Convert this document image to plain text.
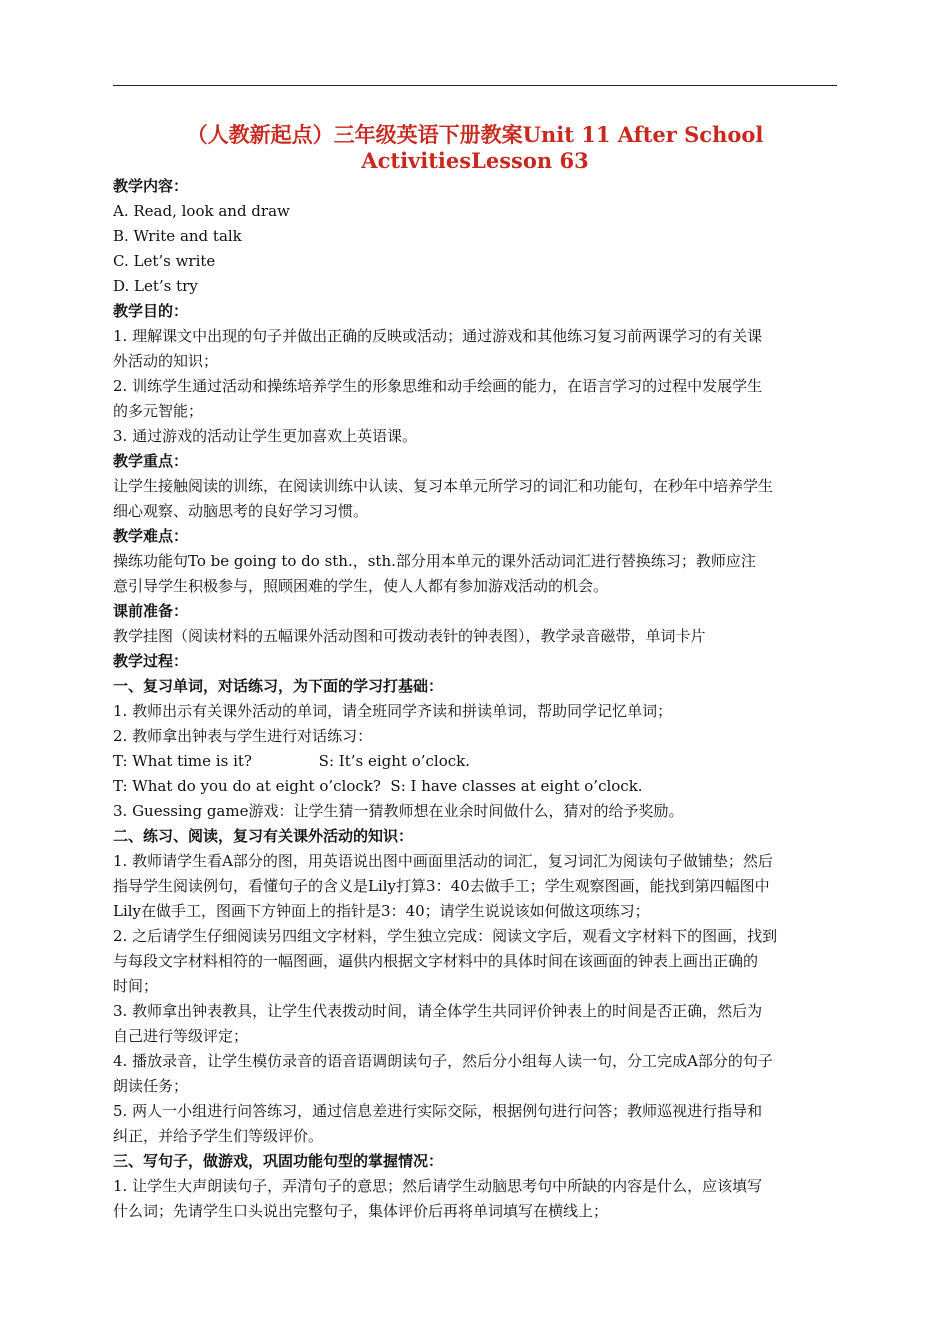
（人教新起点）三年级英语下册教案Unit 11 After School
ActivitiesLesson 63
教学内容：
A. Read, look and draw
B. Write and talk
C. Let’s write
D. Let’s try
教学目的：
1. 理解课文中出现的句子并做出正确的反映或活动；通过游戏和其他练习复习前两课学习的有关课
外活动的知识；
2. 训练学生通过活动和操练培养学生的形象思维和动手绘画的能力，在语言学习的过程中发展学生
的多元智能；
3. 通过游戏的活动让学生更加喜欢上英语课。
教学重点：
让学生接触阅读的训练，在阅读训练中认读、复习本单元所学习的词汇和功能句，在秒年中培养学生
细心观察、动脑思考的良好学习习惯。
教学难点：
操练功能句To be going to do sth.，sth.部分用本单元的课外活动词汇进行替换练习；教师应注
意引导学生积极参与，照顾困难的学生，使人人都有参加游戏活动的机会。
课前准备：
教学挂图（阅读材料的五幅课外活动图和可拨动表针的钟表图），教学录音磁带，单词卡片
教学过程：
一、复习单词，对话练习，为下面的学习打基础：
1. 教师出示有关课外活动的单词，请全班同学齐读和拼读单词，帮助同学记忆单词；
2. 教师拿出钟表与学生进行对话练习：
T: What time is it?              S: It’s eight o’clock.
T: What do you do at eight o’clock?  S: I have classes at eight o’clock.
3. Guessing game游戏：让学生猜一猜教师想在业余时间做什么，猜对的给予奖励。
二、练习、阅读，复习有关课外活动的知识：
1. 教师请学生看A部分的图，用英语说出图中画面里活动的词汇，复习词汇为阅读句子做铺垫；然后
指导学生阅读例句，看懂句子的含义是Lily打算3：40去做手工；学生观察图画，能找到第四幅图中
Lily在做手工，图画下方钟面上的指针是3：40；请学生说说该如何做这项练习；
2. 之后请学生仔细阅读另四组文字材料，学生独立完成：阅读文字后，观看文字材料下的图画，找到
与每段文字材料相符的一幅图画，逼供内根据文字材料中的具体时间在该画面的钟表上画出正确的
时间；
3. 教师拿出钟表教具，让学生代表拨动时间，请全体学生共同评价钟表上的时间是否正确，然后为
自己进行等级评定；
4. 播放录音，让学生模仿录音的语音语调朗读句子，然后分小组每人读一句，分工完成A部分的句子
朗读任务；
5. 两人一小组进行问答练习，通过信息差进行实际交际，根据例句进行问答；教师巡视进行指导和
纠正，并给予学生们等级评价。
三、写句子，做游戏，巩固功能句型的掌握情况：
1. 让学生大声朗读句子，弄清句子的意思；然后请学生动脑思考句中所缺的内容是什么，应该填写
什么词；先请学生口头说出完整句子，集体评价后再将单词填写在横线上；
